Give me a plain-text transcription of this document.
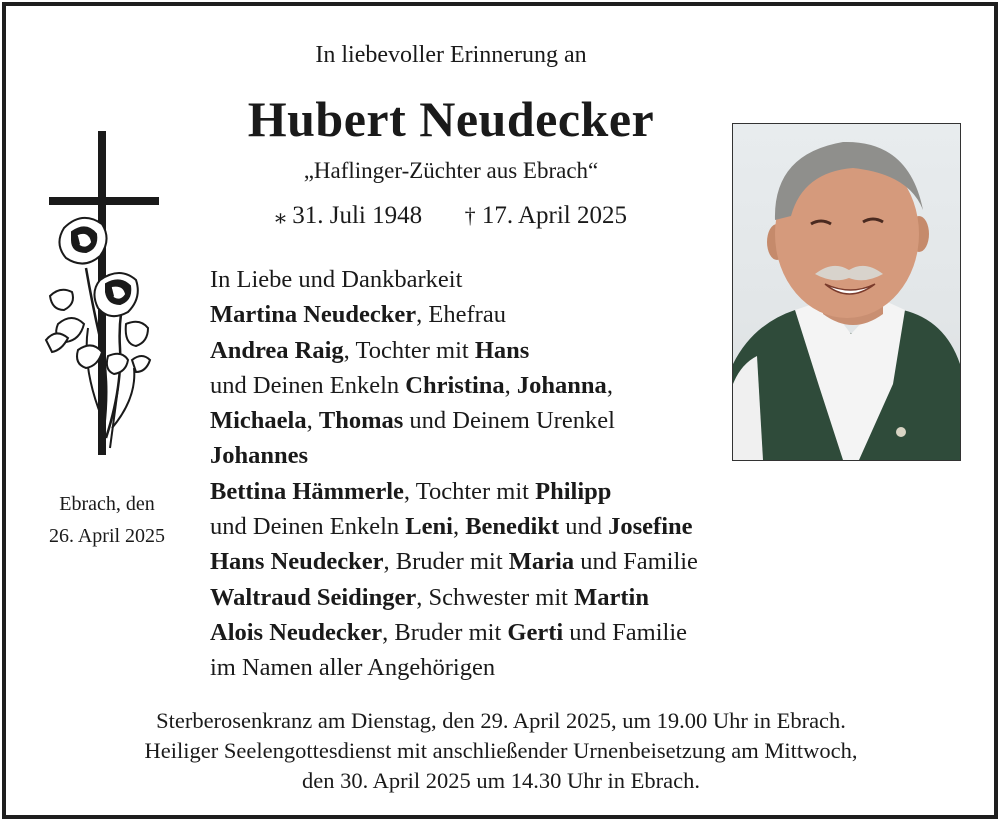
In liebevoller Erinnerung an
Hubert Neudecker
„Haflinger-Züchter aus Ebrach“
⁎ 31. Juli 1948 † 17. April 2025
Ebrach, den
26. April 2025
In Liebe und Dankbarkeit
Martina Neudecker, Ehefrau
Andrea Raig, Tochter mit Hans
und Deinen Enkeln Christina, Johanna,
Michaela, Thomas und Deinem Urenkel
Johannes
Bettina Hämmerle, Tochter mit Philipp
und Deinen Enkeln Leni, Benedikt und Josefine
Hans Neudecker, Bruder mit Maria und Familie
Waltraud Seidinger, Schwester mit Martin
Alois Neudecker, Bruder mit Gerti und Familie
im Namen aller Angehörigen
Sterberosenkranz am Dienstag, den 29. April 2025, um 19.00 Uhr in Ebrach.
Heiliger Seelengottesdienst mit anschließender Urnenbeisetzung am Mittwoch,
den 30. April 2025 um 14.30 Uhr in Ebrach.
